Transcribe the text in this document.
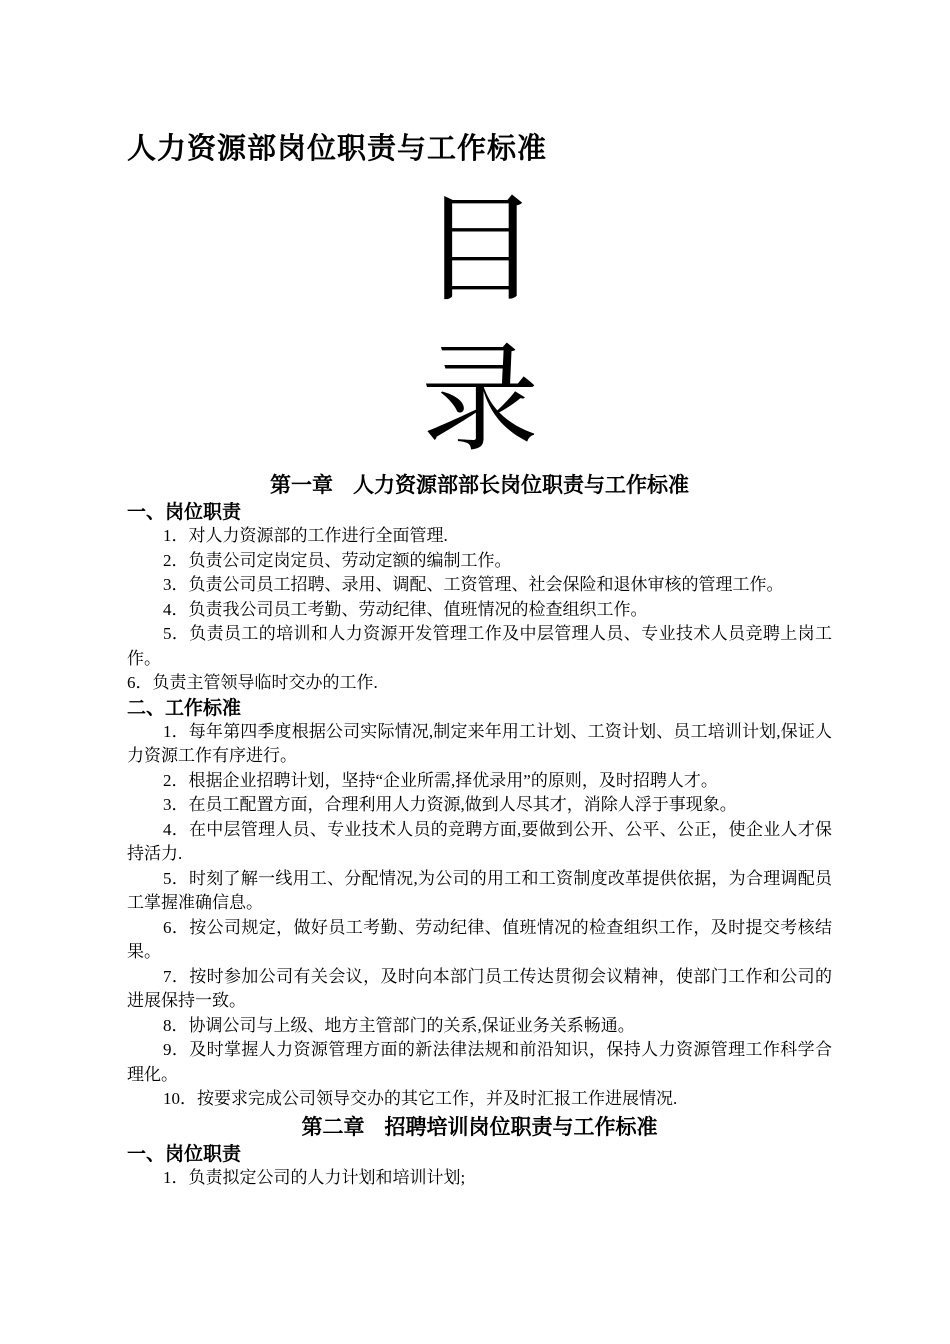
人力资源部岗位职责与工作标准
目
录
第一章 人力资源部部长岗位职责与工作标准
一、岗位职责
1．对人力资源部的工作进行全面管理.
2．负责公司定岗定员、劳动定额的编制工作。
3．负责公司员工招聘、录用、调配、工资管理、社会保险和退休审核的管理工作。
4．负责我公司员工考勤、劳动纪律、值班情况的检查组织工作。
5．负责员工的培训和人力资源开发管理工作及中层管理人员、专业技术人员竞聘上岗工作。
6．负责主管领导临时交办的工作.
二、工作标准
1．每年第四季度根据公司实际情况,制定来年用工计划、工资计划、员工培训计划,保证人力资源工作有序进行。
2．根据企业招聘计划，坚持“企业所需,择优录用”的原则，及时招聘人才。
3．在员工配置方面，合理利用人力资源,做到人尽其才，消除人浮于事现象。
4．在中层管理人员、专业技术人员的竞聘方面,要做到公开、公平、公正，使企业人才保持活力.
5．时刻了解一线用工、分配情况,为公司的用工和工资制度改革提供依据，为合理调配员工掌握准确信息。
6．按公司规定，做好员工考勤、劳动纪律、值班情况的检查组织工作，及时提交考核结果。
7．按时参加公司有关会议，及时向本部门员工传达贯彻会议精神，使部门工作和公司的进展保持一致。
8．协调公司与上级、地方主管部门的关系,保证业务关系畅通。
9．及时掌握人力资源管理方面的新法律法规和前沿知识，保持人力资源管理工作科学合理化。
10．按要求完成公司领导交办的其它工作，并及时汇报工作进展情况.
第二章 招聘培训岗位职责与工作标准
一、岗位职责
1．负责拟定公司的人力计划和培训计划;
